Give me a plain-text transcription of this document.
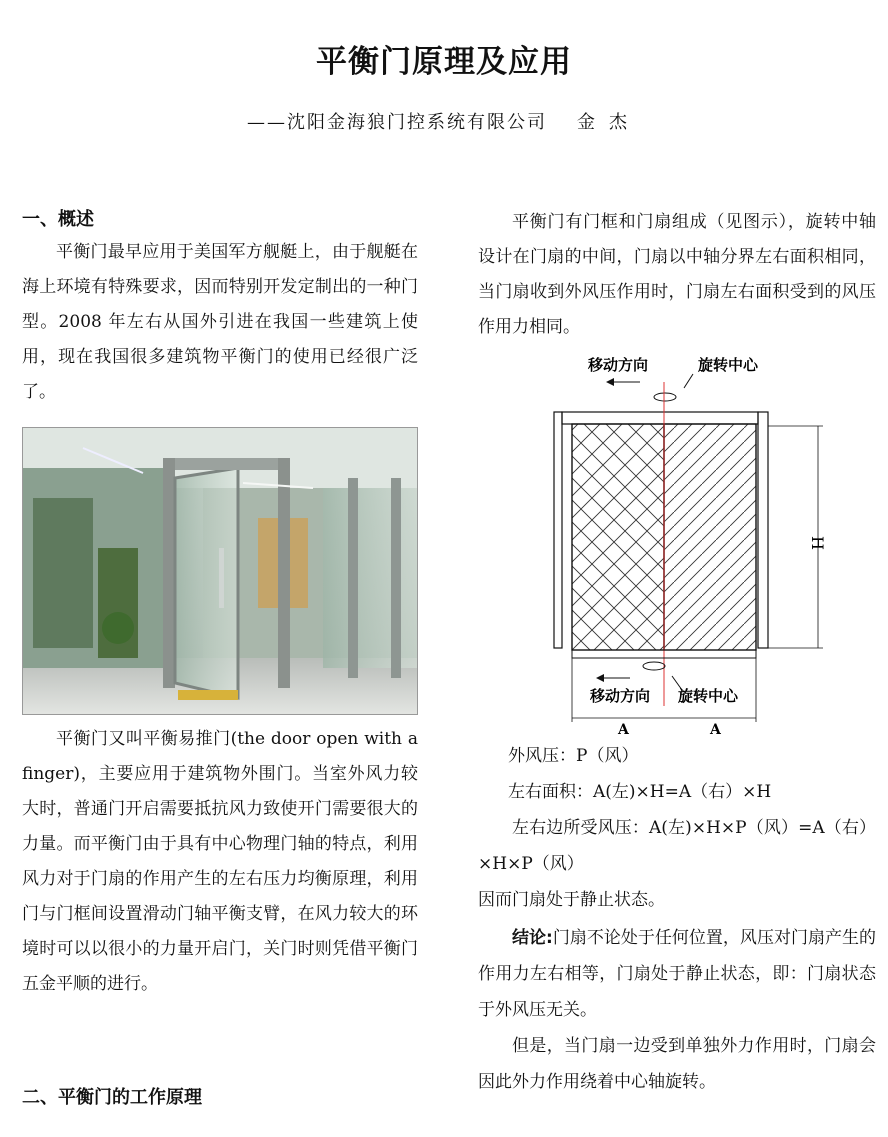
平衡门原理及应用
——沈阳金海狼门控系统有限公司 金杰
一、概述

平衡门最早应用于美国军方舰艇上，由于舰艇在海上环境有特殊要求，因而特别开发定制出的一种门型。2008 年左右从国外引进在我国一些建筑上使用，现在我国很多建筑物平衡门的使用已经很广泛了。

平衡门又叫平衡易推门(the door open with a finger)，主要应用于建筑物外围门。当室外风力较大时，普通门开启需要抵抗风力致使开门需要很大的力量。而平衡门由于具有中心物理门轴的特点，利用风力对于门扇的作用产生的左右压力均衡原理，利用门与门框间设置滑动门轴平衡支臂，在风力较大的环境时可以以很小的力量开启门，关门时则凭借平衡门五金平顺的进行。

二、平衡门的工作原理

平衡门有门框和门扇组成（见图示），旋转中轴设计在门扇的中间，门扇以中轴分界左右面积相同，当门扇收到外风压作用时，门扇左右面积受到的风压作用力相同。

移动方向	旋转中心
H
移动方向 旋转中心
A	A

外风压：P（风）

左右面积：A(左)×H=A（右）×H

左右边所受风压：A(左)×H×P（风）=A（右）×H×P（风）

因而门扇处于静止状态。

结论:门扇不论处于任何位置，风压对门扇产生的作用力左右相等，门扇处于静止状态，即：门扇状态于外风压无关。

但是，当门扇一边受到单独外力作用时，门扇会因此外力作用绕着中心轴旋转。
